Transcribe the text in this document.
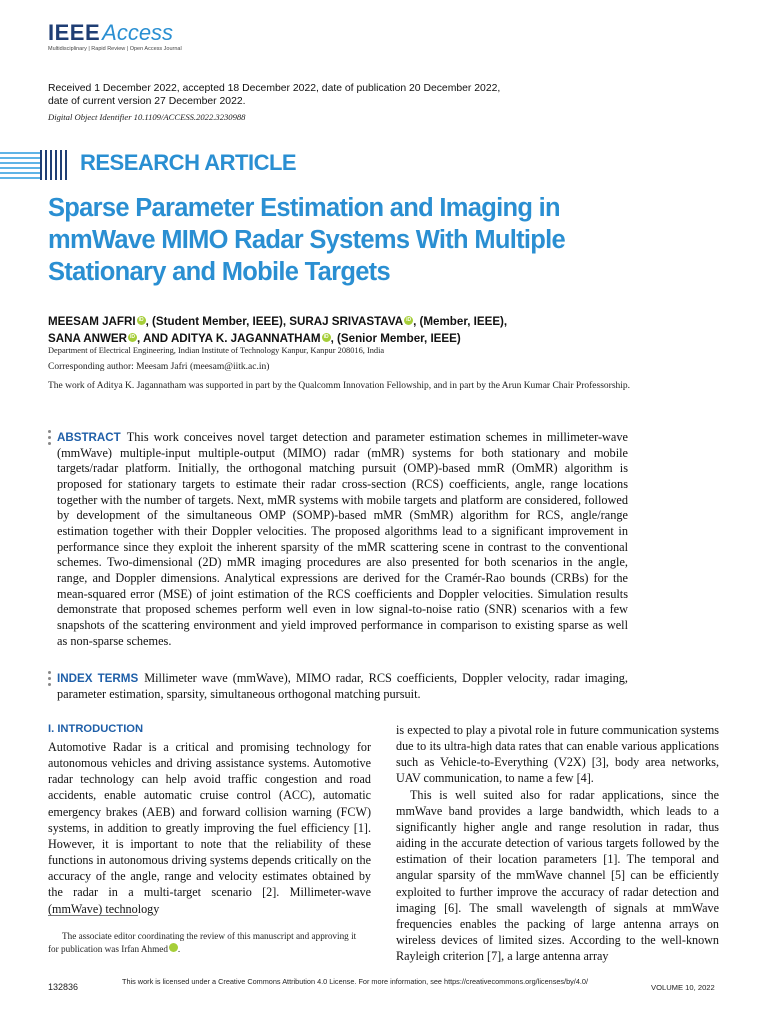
IEEEAccess
Multidisciplinary | Rapid Review | Open Access Journal
Received 1 December 2022, accepted 18 December 2022, date of publication 20 December 2022, date of current version 27 December 2022.
Digital Object Identifier 10.1109/ACCESS.2022.3230988
RESEARCH ARTICLE
Sparse Parameter Estimation and Imaging in mmWave MIMO Radar Systems With Multiple Stationary and Mobile Targets
MEESAM JAFRI iD , (Student Member, IEEE), SURAJ SRIVASTAVA iD , (Member, IEEE),
SANA ANWER iD , AND ADITYA K. JAGANNATHAM iD , (Senior Member, IEEE)
Department of Electrical Engineering, Indian Institute of Technology Kanpur, Kanpur 208016, India
Corresponding author: Meesam Jafri (meesam@iitk.ac.in)
The work of Aditya K. Jagannatham was supported in part by the Qualcomm Innovation Fellowship, and in part by the Arun Kumar Chair Professorship.
ABSTRACT This work conceives novel target detection and parameter estimation schemes in millimeter-wave (mmWave) multiple-input multiple-output (MIMO) radar (mMR) systems for both stationary and mobile targets/radar platform. Initially, the orthogonal matching pursuit (OMP)-based mmR (OmMR) algorithm is proposed for stationary targets to estimate their radar cross-section (RCS) coefficients, angle, range locations together with the number of targets. Next, mMR systems with mobile targets and platform are considered, followed by development of the simultaneous OMP (SOMP)-based mMR (SmMR) algorithm for RCS, angle/range estimation together with their Doppler velocities. The proposed algorithms lead to a significant improvement in performance since they exploit the inherent sparsity of the mMR scattering scene in contrast to the conventional schemes. Two-dimensional (2D) mMR imaging procedures are also presented for both scenarios in the angle, range, and Doppler dimensions. Analytical expressions are derived for the Cramér-Rao bounds (CRBs) for the mean-squared error (MSE) of joint estimation of the RCS coefficients and Doppler velocities. Simulation results demonstrate that proposed schemes perform well even in low signal-to-noise ratio (SNR) scenarios with a few snapshots of the scattering environment and yield improved performance in comparison to existing sparse as well as non-sparse schemes.
INDEX TERMS Millimeter wave (mmWave), MIMO radar, RCS coefficients, Doppler velocity, radar imaging, parameter estimation, sparsity, simultaneous orthogonal matching pursuit.
I. INTRODUCTION

Automotive Radar is a critical and promising technology for autonomous vehicles and driving assistance systems. Automotive radar technology can help avoid traffic congestion and road accidents, enable automatic cruise control (ACC), automatic emergency brakes (AEB) and forward collision warning (FCW) systems, in addition to greatly improving the fuel efficiency [1]. However, it is important to note that the reliability of these functions in autonomous driving systems depends critically on the accuracy of the angle, range and velocity estimates obtained by the radar in a multi-target scenario [2]. Millimeter-wave (mmWave) technology

is expected to play a pivotal role in future communication systems due to its ultra-high data rates that can enable various applications such as Vehicle-to-Everything (V2X) [3], body area networks, UAV communication, to name a few [4].

This is well suited also for radar applications, since the mmWave band provides a large bandwidth, which leads to a significantly higher angle and range resolution in radar, thus aiding in the accurate detection of various targets followed by the estimation of their location parameters [1]. The temporal and angular sparsity of the mmWave channel [5] can be efficiently exploited to further improve the accuracy of radar detection and imaging [6]. The small wavelength of signals at mmWave frequencies enables the packing of large antenna arrays on wireless devices of limited sizes. According to the well-known Rayleigh criterion [7], a large antenna array

The associate editor coordinating the review of this manuscript and approving it for publication was Irfan Ahmed	iD.
132836
This work is licensed under a Creative Commons Attribution 4.0 License. For more information, see https://creativecommons.org/licenses/by/4.0/
VOLUME 10, 2022
